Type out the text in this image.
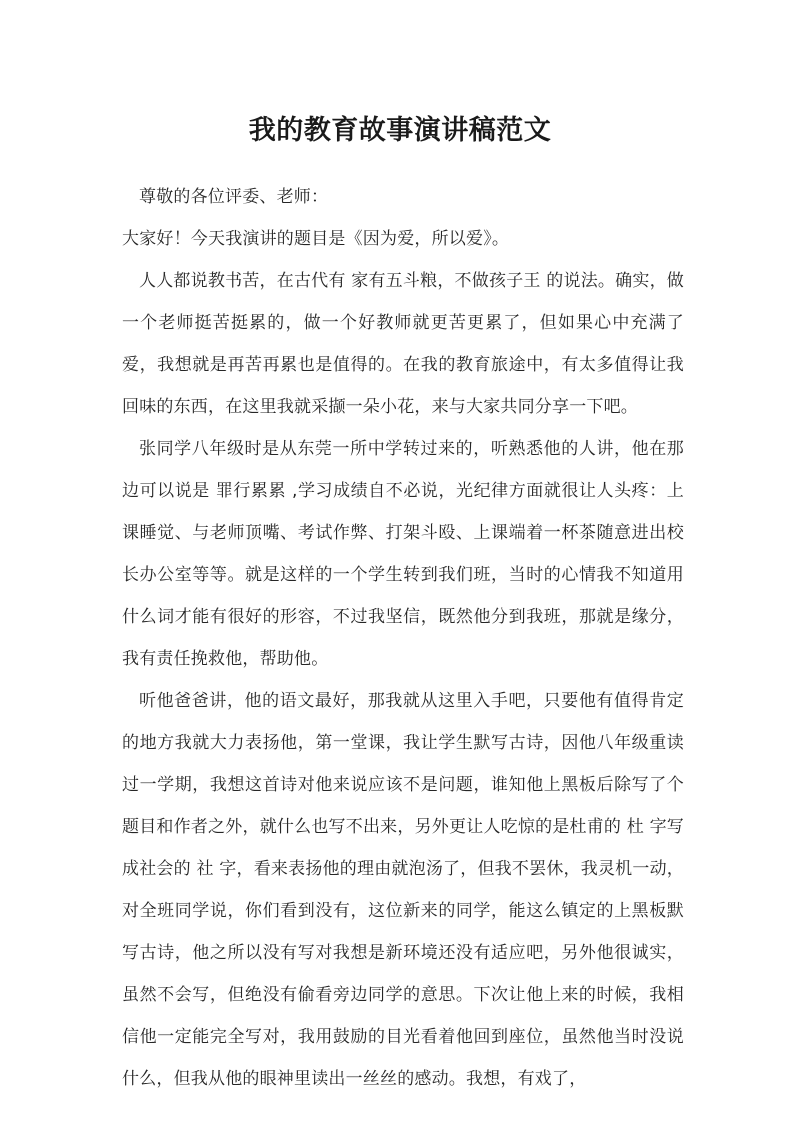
我的教育故事演讲稿范文

尊敬的各位评委、老师：

大家好！今天我演讲的题目是《因为爱，所以爱》。

人人都说教书苦，在古代有 家有五斗粮，不做孩子王 的说法。确实，做一个老师挺苦挺累的，做一个好教师就更苦更累了，但如果心中充满了爱，我想就是再苦再累也是值得的。在我的教育旅途中，有太多值得让我回味的东西，在这里我就采撷一朵小花，来与大家共同分享一下吧。

张同学八年级时是从东莞一所中学转过来的，听熟悉他的人讲，他在那边可以说是 罪行累累 ,学习成绩自不必说，光纪律方面就很让人头疼：上课睡觉、与老师顶嘴、考试作弊、打架斗殴、上课端着一杯茶随意进出校长办公室等等。就是这样的一个学生转到我们班，当时的心情我不知道用什么词才能有很好的形容，不过我坚信，既然他分到我班，那就是缘分，我有责任挽救他，帮助他。

听他爸爸讲，他的语文最好，那我就从这里入手吧，只要他有值得肯定的地方我就大力表扬他，第一堂课，我让学生默写古诗，因他八年级重读过一学期，我想这首诗对他来说应该不是问题，谁知他上黑板后除写了个题目和作者之外，就什么也写不出来，另外更让人吃惊的是杜甫的 杜 字写成社会的 社 字，看来表扬他的理由就泡汤了，但我不罢休，我灵机一动，对全班同学说，你们看到没有，这位新来的同学，能这么镇定的上黑板默写古诗，他之所以没有写对我想是新环境还没有适应吧，另外他很诚实，虽然不会写，但绝没有偷看旁边同学的意思。下次让他上来的时候，我相信他一定能完全写对，我用鼓励的目光看着他回到座位，虽然他当时没说什么，但我从他的眼神里读出一丝丝的感动。我想，有戏了，
